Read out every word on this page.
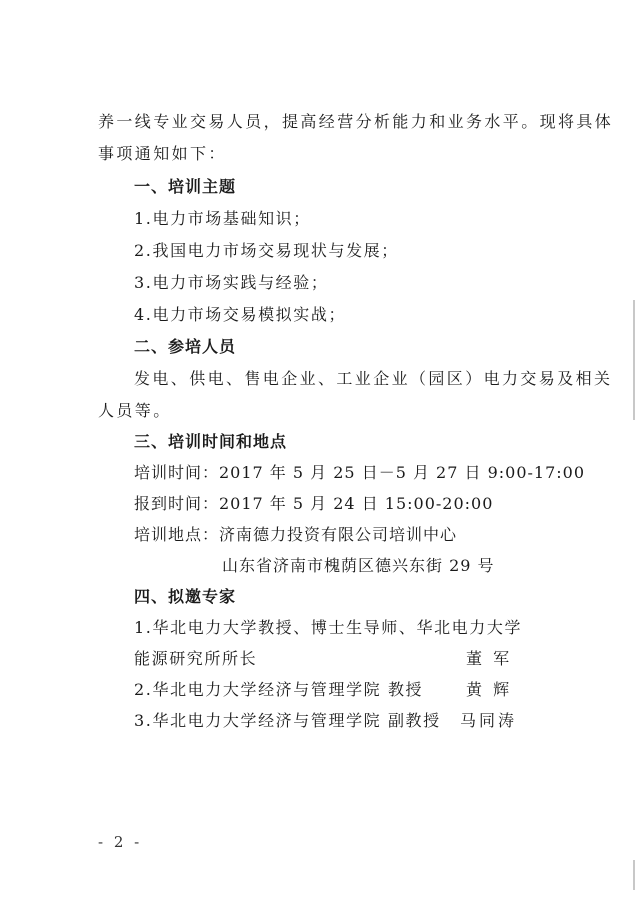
养一线专业交易人员，提高经营分析能力和业务水平。现将具体
事项通知如下：
一、培训主题
1.电力市场基础知识；
2.我国电力市场交易现状与发展；
3.电力市场实践与经验；
4.电力市场交易模拟实战；
二、参培人员
发电、供电、售电企业、工业企业（园区）电力交易及相关
人员等。
三、培训时间和地点
培训时间：2017 年 5 月 25 日－5 月 27 日 9:00-17:00
报到时间：2017 年 5 月 24 日 15:00-20:00
培训地点：济南德力投资有限公司培训中心
山东省济南市槐荫区德兴东街 29 号
四、拟邀专家
1.华北电力大学教授、博士生导师、华北电力大学
能源研究所所长	董 军
2.华北电力大学经济与管理学院 教授	黄 辉
3.华北电力大学经济与管理学院 副教授 马同涛
- 2 -
